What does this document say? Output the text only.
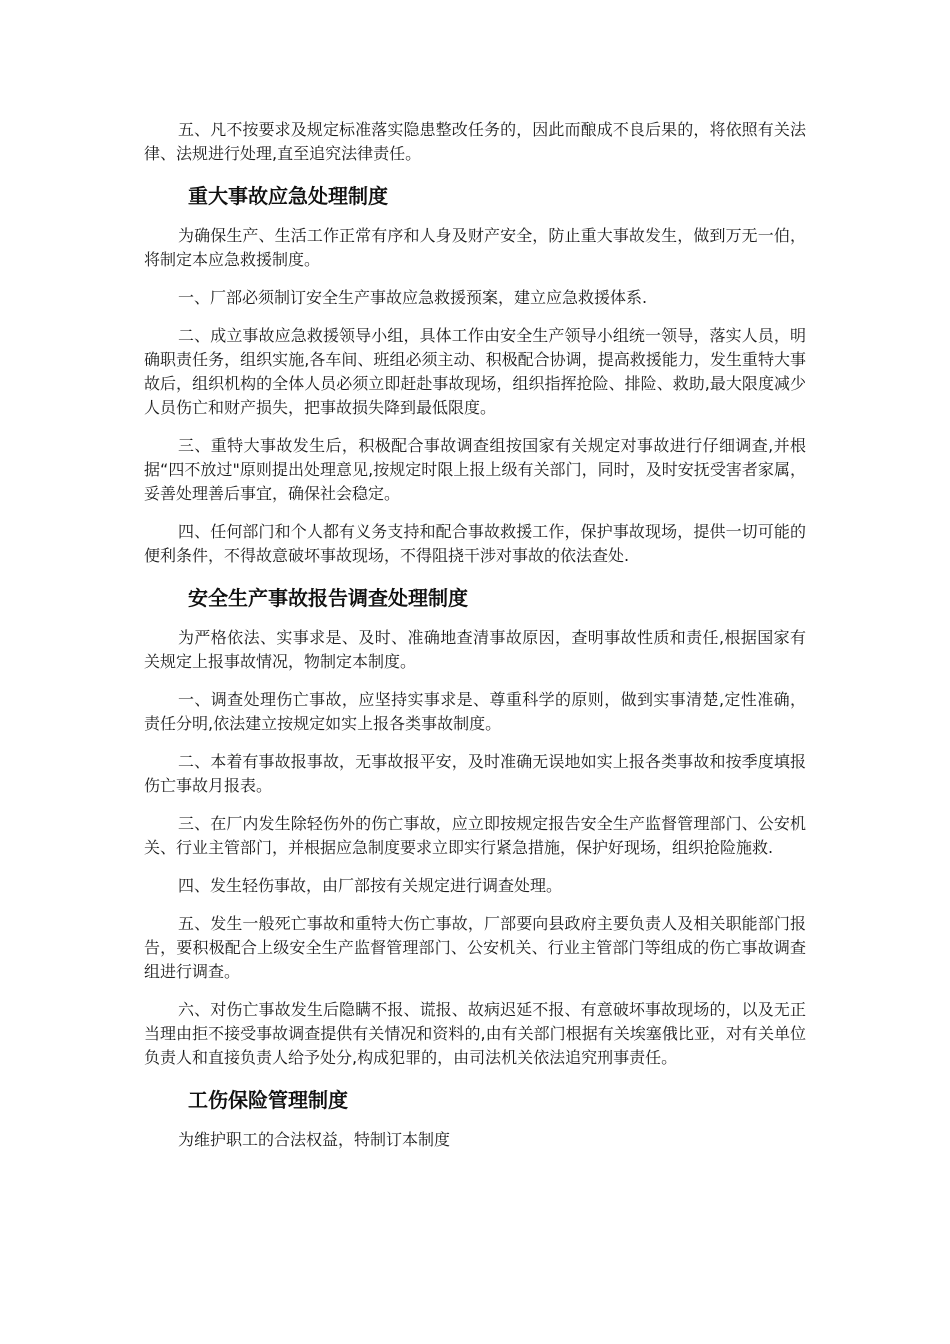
五、凡不按要求及规定标准落实隐患整改任务的，因此而酿成不良后果的，将依照有关法律、法规进行处理,直至追究法律责任。

重大事故应急处理制度

为确保生产、生活工作正常有序和人身及财产安全，防止重大事故发生，做到万无一伯，将制定本应急救援制度。

一、厂部必须制订安全生产事故应急救援预案，建立应急救援体系.

二、成立事故应急救援领导小组，具体工作由安全生产领导小组统一领导，落实人员，明确职责任务，组织实施,各车间、班组必须主动、积极配合协调，提高救援能力，发生重特大事故后，组织机构的全体人员必须立即赶赴事故现场，组织指挥抢险、排险、救助,最大限度减少人员伤亡和财产损失，把事故损失降到最低限度。

三、重特大事故发生后，积极配合事故调查组按国家有关规定对事故进行仔细调查,并根据“四不放过"原则提出处理意见,按规定时限上报上级有关部门，同时，及时安抚受害者家属，妥善处理善后事宜，确保社会稳定。

四、任何部门和个人都有义务支持和配合事故救援工作，保护事故现场，提供一切可能的便利条件，不得故意破坏事故现场，不得阻挠干涉对事故的依法查处.

安全生产事故报告调查处理制度

为严格依法、实事求是、及时、准确地查清事故原因，查明事故性质和责任,根据国家有关规定上报事故情况，物制定本制度。

一、调查处理伤亡事故，应坚持实事求是、尊重科学的原则，做到实事清楚,定性准确，责任分明,依法建立按规定如实上报各类事故制度。

二、本着有事故报事故，无事故报平安，及时准确无误地如实上报各类事故和按季度填报伤亡事故月报表。

三、在厂内发生除轻伤外的伤亡事故，应立即按规定报告安全生产监督管理部门、公安机关、行业主管部门，并根据应急制度要求立即实行紧急措施，保护好现场，组织抢险施救.

四、发生轻伤事故，由厂部按有关规定进行调查处理。

五、发生一般死亡事故和重特大伤亡事故，厂部要向县政府主要负责人及相关职能部门报告，要积极配合上级安全生产监督管理部门、公安机关、行业主管部门等组成的伤亡事故调查组进行调查。

六、对伤亡事故发生后隐瞒不报、谎报、故病迟延不报、有意破坏事故现场的，以及无正当理由拒不接受事故调查提供有关情况和资料的,由有关部门根据有关埃塞俄比亚，对有关单位负责人和直接负责人给予处分,构成犯罪的，由司法机关依法追究刑事责任。

工伤保险管理制度

为维护职工的合法权益，特制订本制度
